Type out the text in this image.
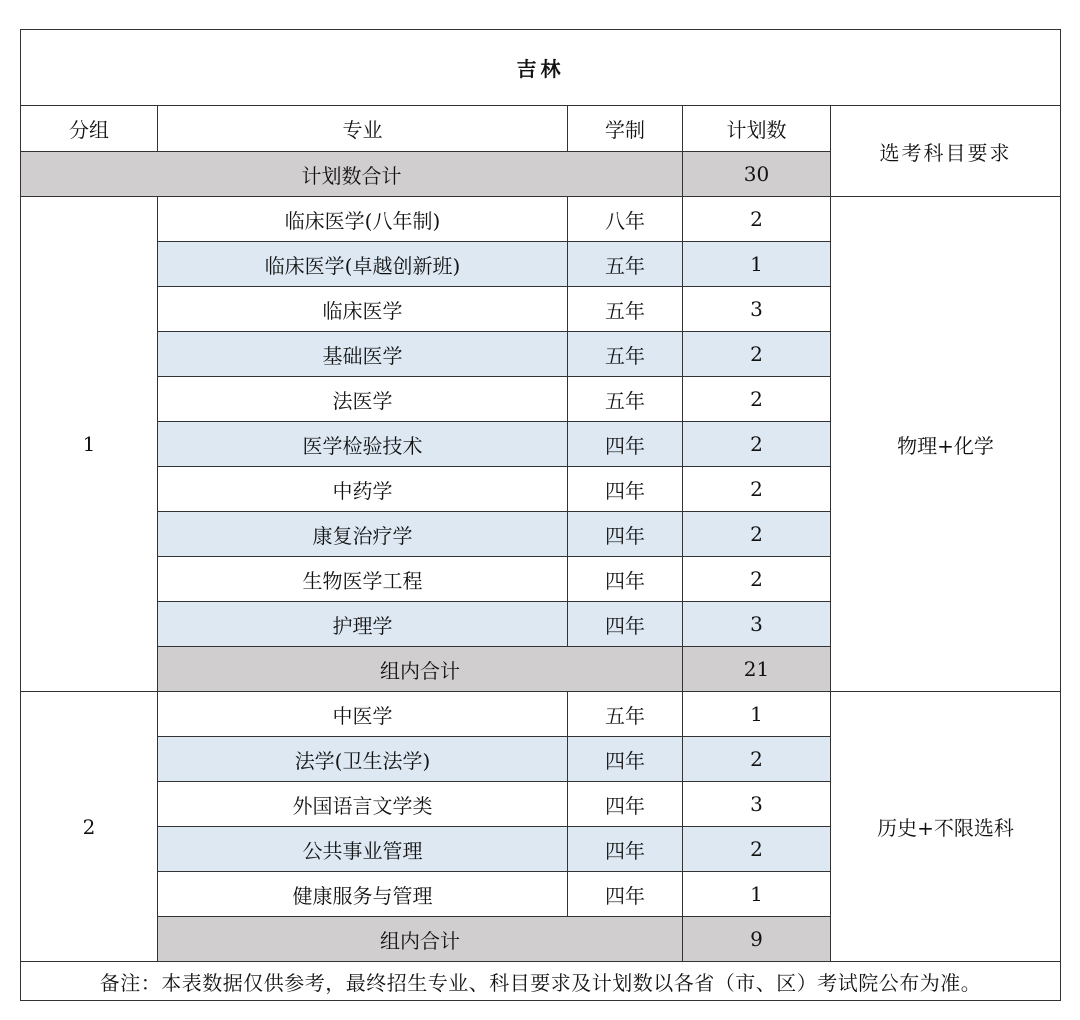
吉林				
分组	专业	学制	计划数	选考科目要求
计划数合计			30	
1	临床医学(八年制)	八年	2	物理+化学
	临床医学(卓越创新班)	五年	1	
	临床医学	五年	3	
	基础医学	五年	2	
	法医学	五年	2	
	医学检验技术	四年	2	
	中药学	四年	2	
	康复治疗学	四年	2	
	生物医学工程	四年	2	
	护理学	四年	3	
	组内合计		21	
2	中医学	五年	1	历史+不限选科
	法学(卫生法学)	四年	2	
	外国语言文学类	四年	3	
	公共事业管理	四年	2	
	健康服务与管理	四年	1	
	组内合计		9	
备注：本表数据仅供参考，最终招生专业、科目要求及计划数以各省（市、区）考试院公布为准。				
